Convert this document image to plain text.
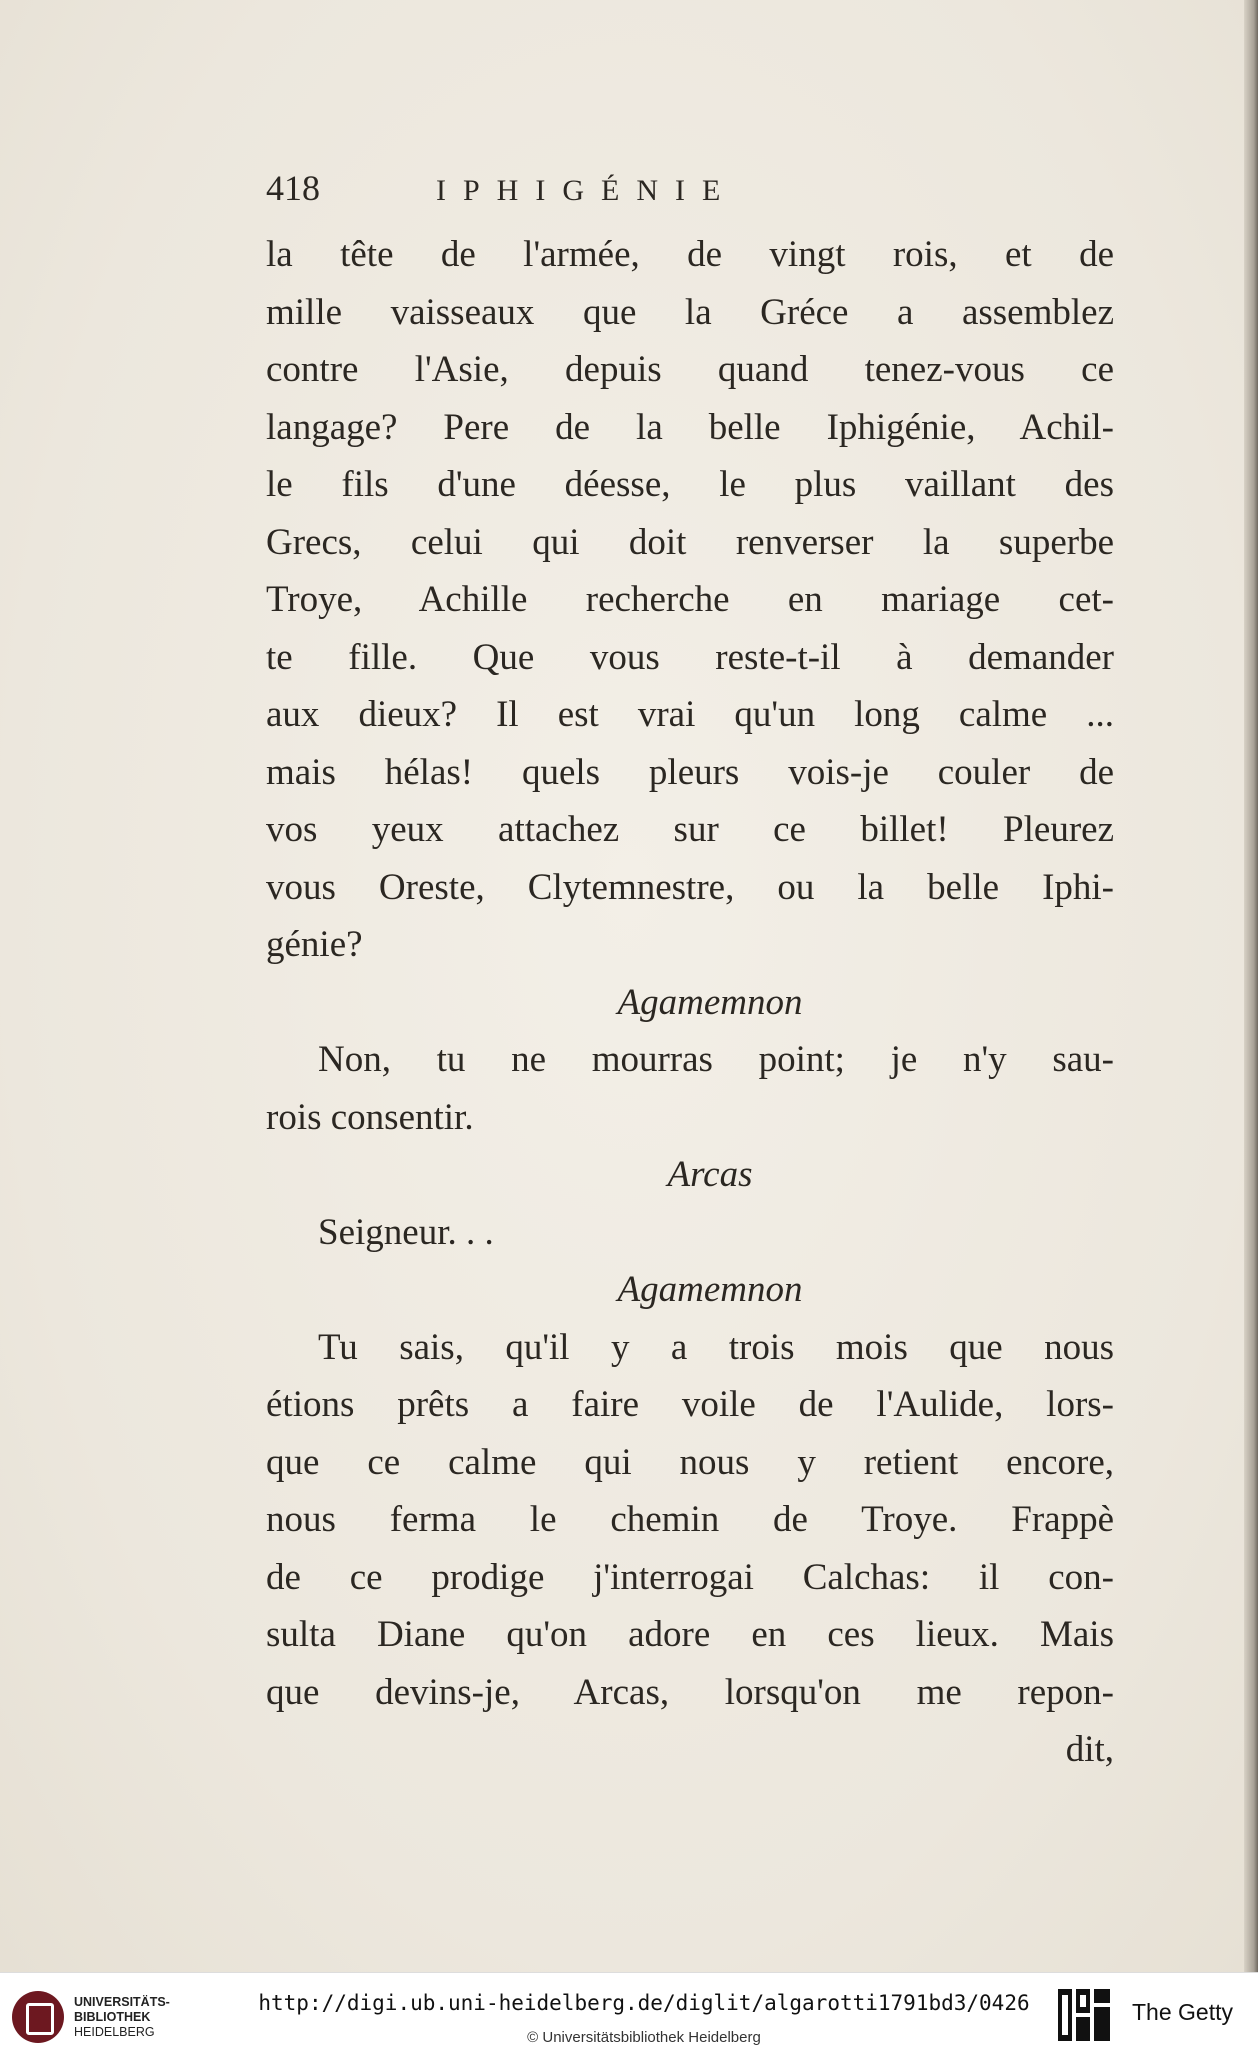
418	IPHIGÉNIE
la tête de l'armée, de vingt rois, et de
mille vaisseaux que la Gréce a assemblez
contre l'Asie, depuis quand tenez-vous ce
langage? Pere de la belle Iphigénie, Achil-
le fils d'une déesse, le plus vaillant des
Grecs, celui qui doit renverser la superbe
Troye, Achille recherche en mariage cet-
te fille. Que vous reste-t-il à demander
aux dieux? Il est vrai qu'un long calme ...
mais hélas! quels pleurs vois-je couler de
vos yeux attachez sur ce billet! Pleurez
vous Oreste, Clytemnestre, ou la belle Iphi-
génie?
Agamemnon
Non, tu ne mourras point; je n'y sau-
rois consentir.
Arcas
Seigneur. . .
Agamemnon
Tu sais, qu'il y a trois mois que nous
étions prêts a faire voile de l'Aulide, lors-
que ce calme qui nous y retient encore,
nous ferma le chemin de Troye. Frappè
de ce prodige j'interrogai Calchas: il con-
sulta Diane qu'on adore en ces lieux. Mais
que devins-je, Arcas, lorsqu'on me repon-
dit,
UNIVERSITÄTS-
BIBLIOTHEK
HEIDELBERG
http://digi.ub.uni-heidelberg.de/diglit/algarotti1791bd3/0426
© Universitätsbibliothek Heidelberg
The Getty
